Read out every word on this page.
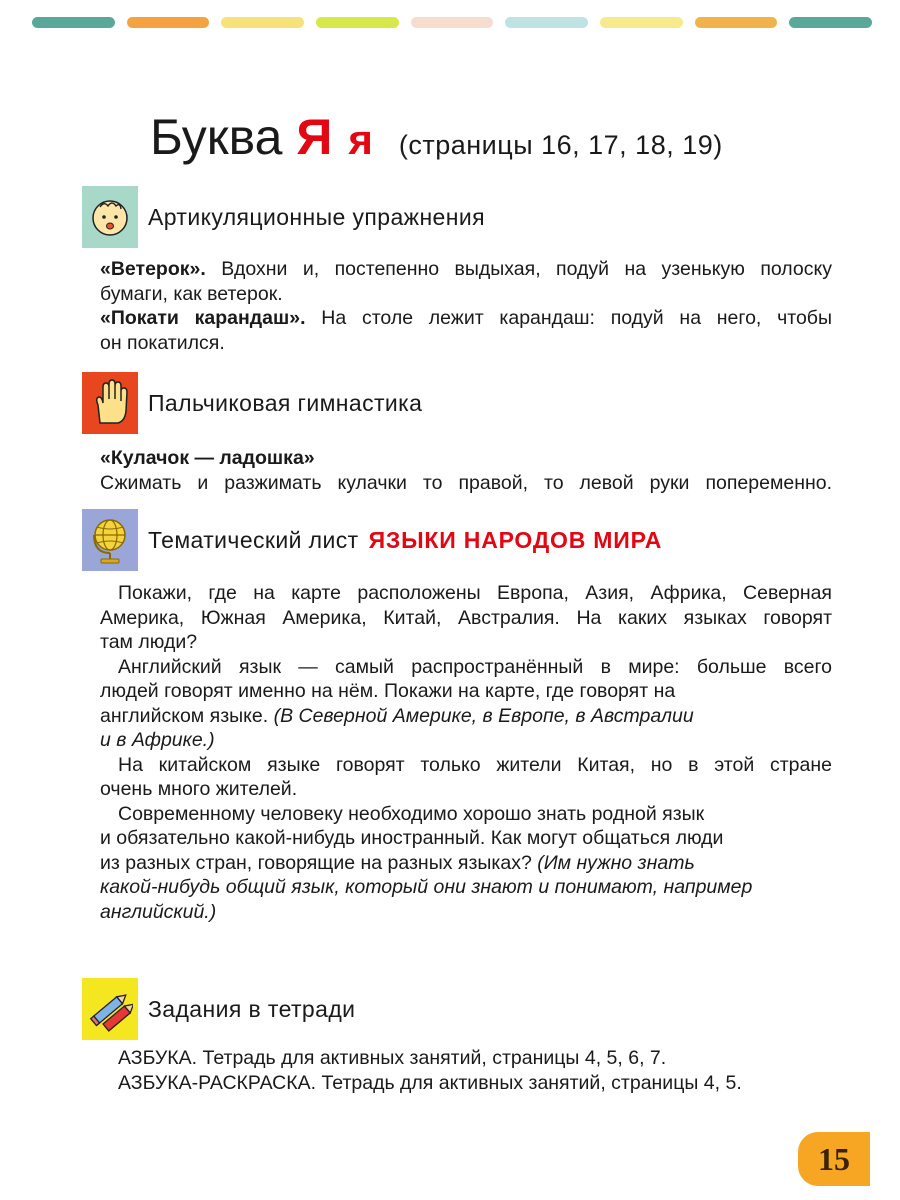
Буква Я я (страницы 16, 17, 18, 19)
Артикуляционные упражнения

«Ветерок». Вдохни и, постепенно выдыхая, подуй на узенькую полоску

бумаги, как ветерок.

«Покати карандаш». На столе лежит карандаш: подуй на него, чтобы

он покатился.

Пальчиковая гимнастика

«Кулачок — ладошка»

Сжимать и разжимать кулачки то правой, то левой руки попеременно.

Тематический лист ЯЗЫКИ НАРОДОВ МИРА

Покажи, где на карте расположены Европа, Азия, Африка, Северная

Америка, Южная Америка, Китай, Австралия. На каких языках говорят

там люди?

Английский язык — самый распространённый в мире: больше всего

людей говорят именно на нём. Покажи на карте, где говорят на

английском языке. (В Северной Америке, в Европе, в Австралии

и в Африке.)

На китайском языке говорят только жители Китая, но в этой стране

очень много жителей.

Современному человеку необходимо хорошо знать родной язык

и обязательно какой-нибудь иностранный. Как могут общаться люди

из разных стран, говорящие на разных языках? (Им нужно знать

какой-нибудь общий язык, который они знают и понимают, например

английский.)

Задания в тетради

АЗБУКА. Тетрадь для активных занятий, страницы 4, 5, 6, 7.

АЗБУКА-РАСКРАСКА. Тетрадь для активных занятий, страницы 4, 5.

15
